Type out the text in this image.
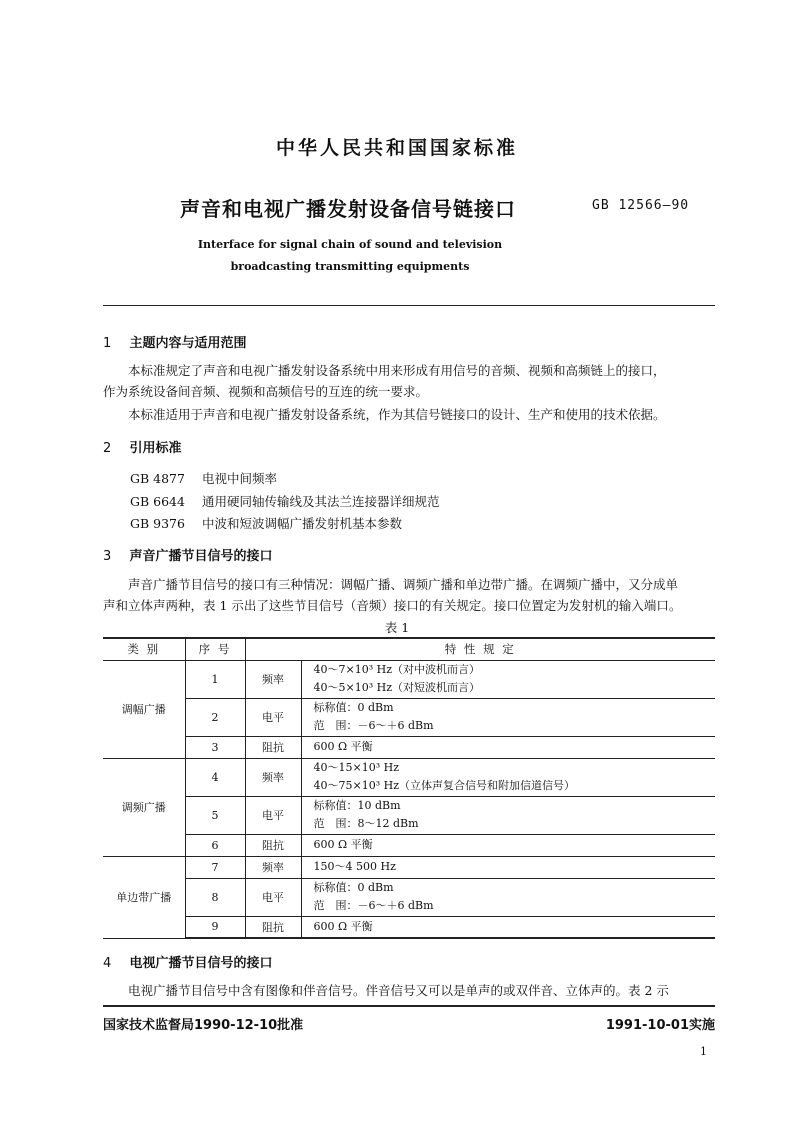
中华人民共和国国家标准
声音和电视广播发射设备信号链接口	GB 12566—90
Interface for signal chain of sound and television
broadcasting transmitting equipments
1 主题内容与适用范围
本标准规定了声音和电视广播发射设备系统中用来形成有用信号的音频、视频和高频链上的接口，
作为系统设备间音频、视频和高频信号的互连的统一要求。
本标准适用于声音和电视广播发射设备系统，作为其信号链接口的设计、生产和使用的技术依据。
2 引用标准
GB 4877 电视中间频率
GB 6644 通用硬同轴传输线及其法兰连接器详细规范
GB 9376 中波和短波调幅广播发射机基本参数
3 声音广播节目信号的接口
声音广播节目信号的接口有三种情况：调幅广播、调频广播和单边带广播。在调频广播中，又分成单
声和立体声两种，表 1 示出了这些节目信号（音频）接口的有关规定。接口位置定为发射机的输入端口。
表 1
类 别	序 号	特 性 规 定	
调幅广播	1	频率	40～7×10³ Hz（对中波机而言）
40～5×10³ Hz（对短波机而言）

	2	电平	标称值：0 dBm
范　围：－6～＋6 dBm

	3	阻抗	600 Ω 平衡

调频广播	4	频率	40～15×10³ Hz
40～75×10³ Hz（立体声复合信号和附加信道信号）

	5	电平	标称值：10 dBm
范　围：8～12 dBm

	6	阻抗	600 Ω 平衡

单边带广播	7	频率	150～4 500 Hz

	8	电平	标称值：0 dBm
范　围：－6～＋6 dBm

	9	阻抗	600 Ω 平衡
4 电视广播节目信号的接口
电视广播节目信号中含有图像和伴音信号。伴音信号又可以是单声的或双伴音、立体声的。表 2 示
国家技术监督局1990-12-10批准	1991-10-01实施
1
